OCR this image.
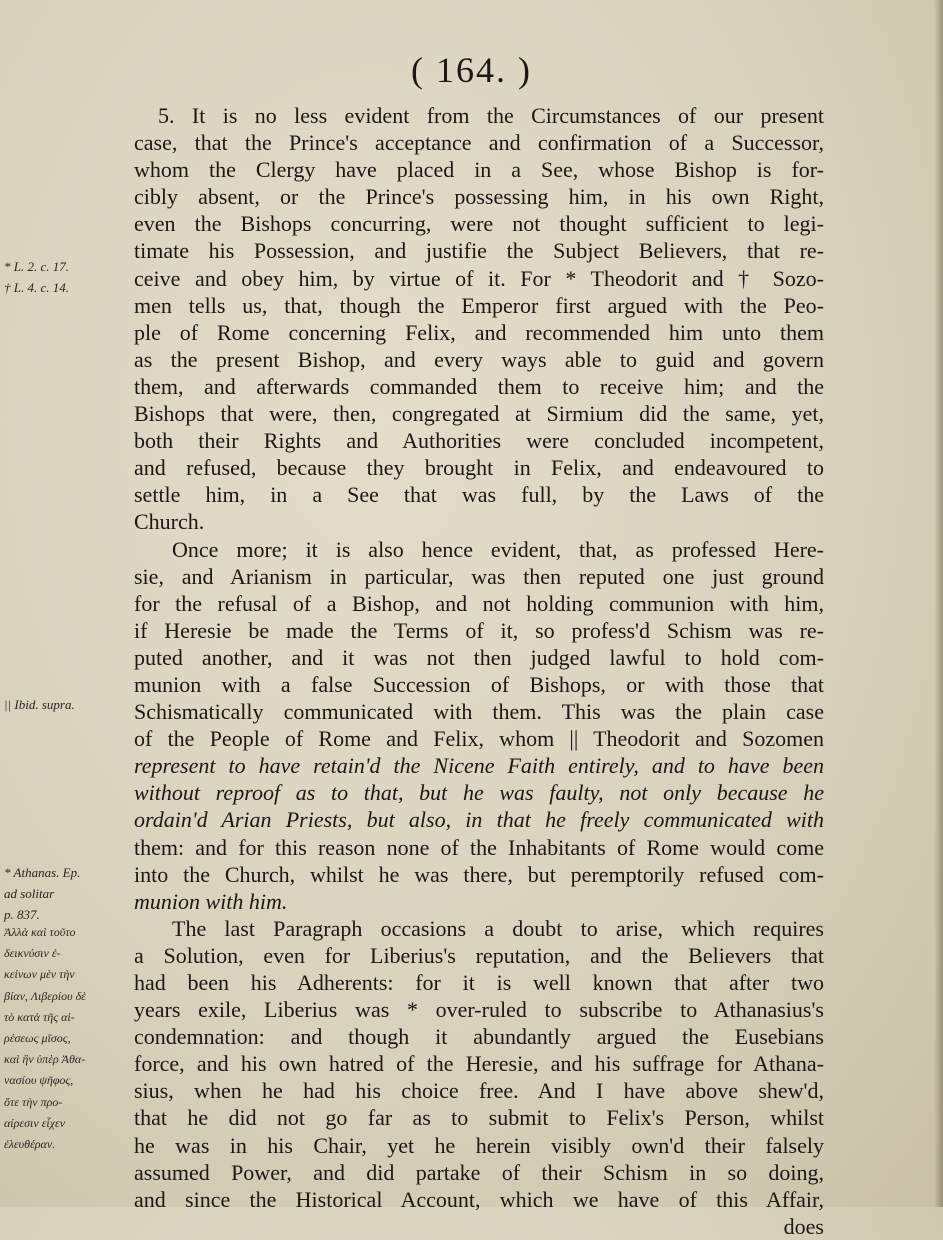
( 164. )
5. It is no less evident from the Circumstances of our present
case, that the Prince's acceptance and confirmation of a Successor,
whom the Clergy have placed in a See, whose Bishop is for-
cibly absent, or the Prince's possessing him, in his own Right,
even the Bishops concurring, were not thought sufficient to legi-
timate his Possession, and justifie the Subject Believers, that re-
ceive and obey him, by virtue of it. For * Theodorit and † Sozo-
men tells us, that, though the Emperor first argued with the Peo-
ple of Rome concerning Felix, and recommended him unto them
as the present Bishop, and every ways able to guid and govern
them, and afterwards commanded them to receive him; and the
Bishops that were, then, congregated at Sirmium did the same, yet,
both their Rights and Authorities were concluded incompetent,
and refused, because they brought in Felix, and endeavoured to
settle him, in a See that was full, by the Laws of the
Church.
Once more; it is also hence evident, that, as professed Here-
sie, and Arianism in particular, was then reputed one just ground
for the refusal of a Bishop, and not holding communion with him,
if Heresie be made the Terms of it, so profess'd Schism was re-
puted another, and it was not then judged lawful to hold com-
munion with a false Succession of Bishops, or with those that
Schismatically communicated with them. This was the plain case
of the People of Rome and Felix, whom || Theodorit and Sozomen
represent to have retain'd the Nicene Faith entirely, and to have been
without reproof as to that, but he was faulty, not only because he
ordain'd Arian Priests, but also, in that he freely communicated with
them: and for this reason none of the Inhabitants of Rome would come
into the Church, whilst he was there, but peremptorily refused com-
munion with him.
The last Paragraph occasions a doubt to arise, which requires
a Solution, even for Liberius's reputation, and the Believers that
had been his Adherents: for it is well known that after two
years exile, Liberius was * over-ruled to subscribe to Athanasius's
condemnation: and though it abundantly argued the Eusebians
force, and his own hatred of the Heresie, and his suffrage for Athana-
sius, when he had his choice free. And I have above shew'd,
that he did not go far as to submit to Felix's Person, whilst
he was in his Chair, yet he herein visibly own'd their falsely
assumed Power, and did partake of their Schism in so doing,
and since the Historical Account, which we have of this Affair,
does
* L. 2. c. 17.
† L. 4. c. 14.
|| Ibid. supra.
* Athanas. Ep.
ad solitar
p. 837.
Ἀλλὰ καὶ τοῦτο
δεικνύσιν ἐ-
κείνων μὲν τὴν
βίαν, Λιβερίου δὲ
τὸ κατὰ τῆς αἱ-
ρέσεως μῖσος,
καὶ ἣν ὑπὲρ Ἀθα-
νασίου ψῆφος,
ὅτε τὴν προ-
αίρεσιν εἶχεν
ἐλευθέραν.
